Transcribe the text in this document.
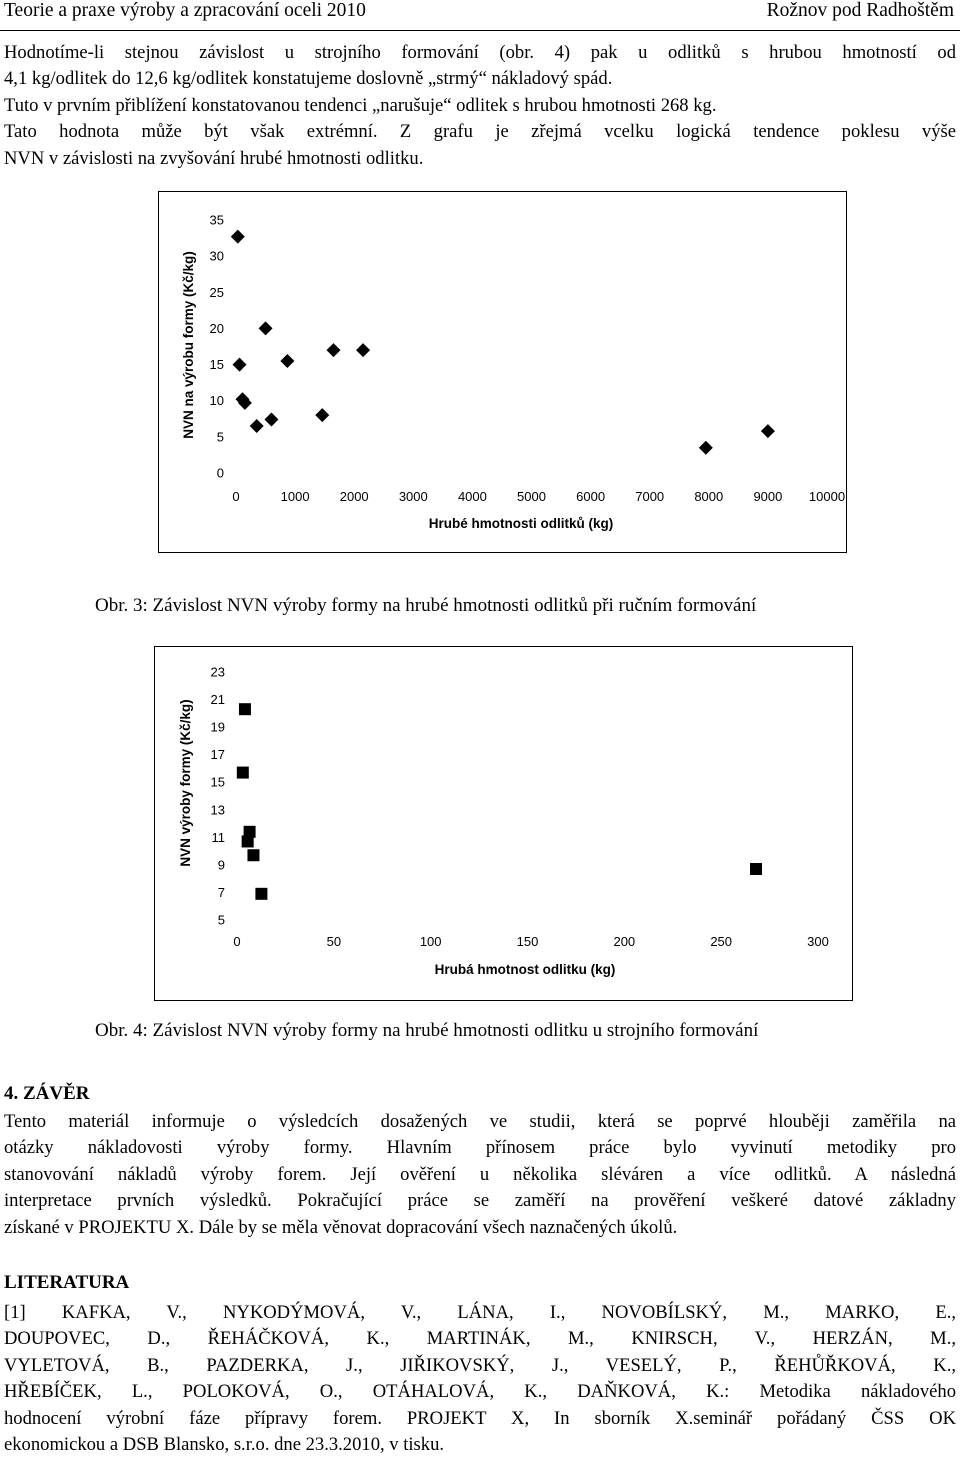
Teorie a praxe výroby a zpracování oceli 2010	Rožnov pod Radhoštěm
Hodnotíme-li stejnou závislost u strojního formování (obr. 4) pak u odlitků s hrubou hmotností od
4,1 kg/odlitek do 12,6 kg/odlitek konstatujeme doslovně „strmý“ nákladový spád.
Tuto v prvním přiblížení konstatovanou tendenci „narušuje“ odlitek s hrubou hmotnosti 268 kg.
Tato hodnota může být však extrémní. Z grafu je zřejmá vcelku logická tendence poklesu výše
NVN v závislosti na zvyšování hrubé hmotnosti odlitku.
0
5
10
15
20
25
30
35
0	1000 2000 3000 4000 5000 6000 7000 8000 9000 10000
Hrubé hmotnosti odlitků (kg)
NVN na výrobu formy (Kč/kg)
Obr. 3: Závislost NVN výroby formy na hrubé hmotnosti odlitků při ručním formování
5
7
9
11
13
15
17
19
21
23
0	50	100	150	200	250	300
Hrubá hmotnost odlitku (kg)
NVN výroby formy (Kč/kg)
Obr. 4: Závislost NVN výroby formy na hrubé hmotnosti odlitku u strojního formování
4. ZÁVĚR
Tento materiál informuje o výsledcích dosažených ve studii, která se poprvé hlouběji zaměřila na
otázky nákladovosti výroby formy. Hlavním přínosem práce bylo vyvinutí metodiky pro
stanovování nákladů výroby forem. Její ověření u několika sléváren a více odlitků. A následná
interpretace prvních výsledků. Pokračující práce se zaměří na prověření veškeré datové základny
získané v PROJEKTU X. Dále by se měla věnovat dopracování všech naznačených úkolů.
LITERATURA
[1] KAFKA, V., NYKODÝMOVÁ, V., LÁNA, I., NOVOBÍLSKÝ, M., MARKO, E.,
DOUPOVEC, D., ŘEHÁČKOVÁ, K., MARTINÁK, M., KNIRSCH, V., HERZÁN, M.,
VYLETOVÁ, B., PAZDERKA, J., JIŘIKOVSKÝ, J., VESELÝ, P., ŘEHŮŘKOVÁ, K.,
HŘEBÍČEK, L., POLOKOVÁ, O., OTÁHALOVÁ, K., DAŇKOVÁ, K.: Metodika nákladového
hodnocení výrobní fáze přípravy forem. PROJEKT X, In sborník X.seminář pořádaný ČSS OK
ekonomickou a DSB Blansko, s.r.o. dne 23.3.2010, v tisku.
